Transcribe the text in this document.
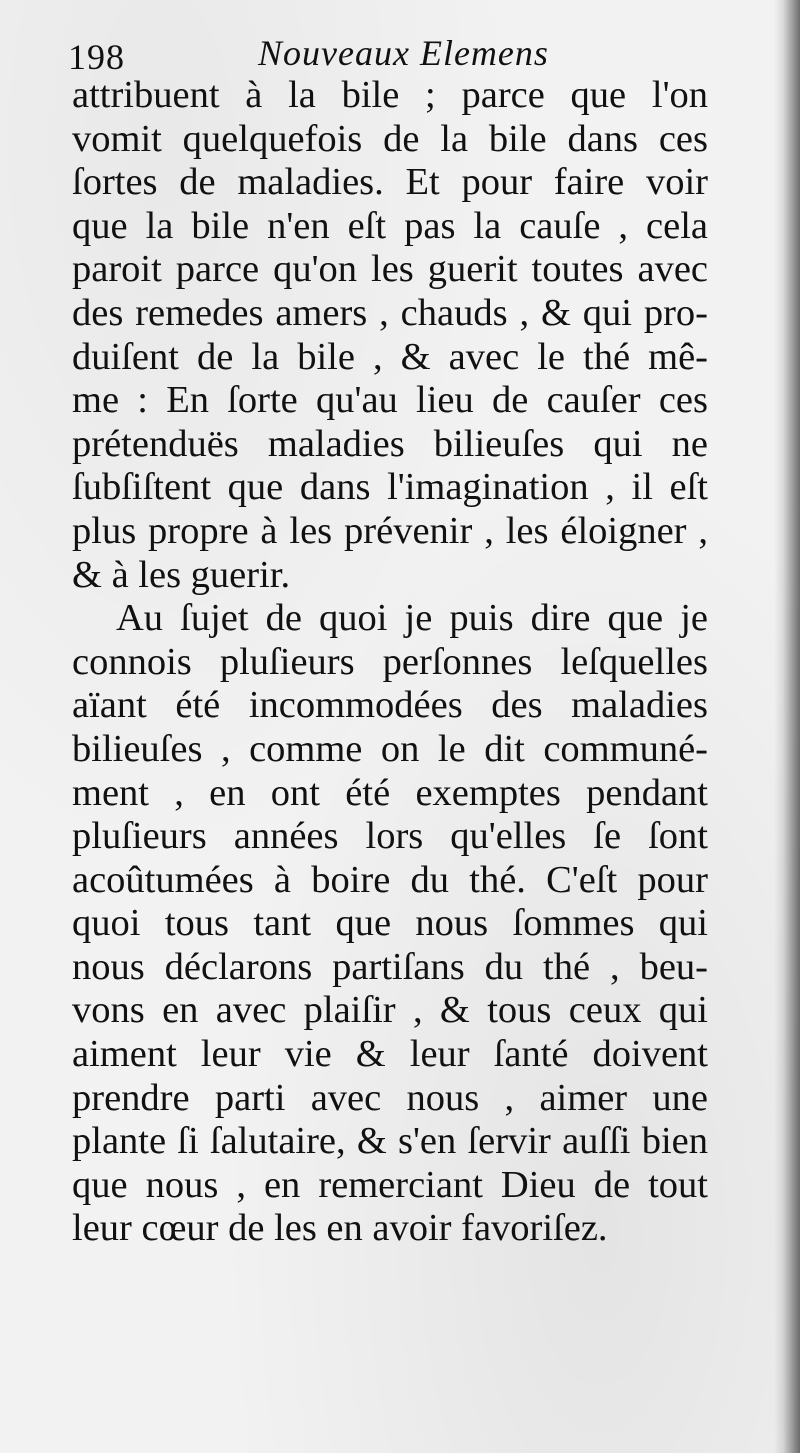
198	Nouveaux Elemens
attribuent à la bile ; parce que l'on
vomit quelquefois de la bile dans ces
ſortes de maladies. Et pour faire voir
que la bile n'en eſt pas la cauſe , cela
paroit parce qu'on les guerit toutes avec
des remedes amers , chauds , & qui pro-
duiſent de la bile , & avec le thé mê-
me : En ſorte qu'au lieu de cauſer ces
prétenduës maladies bilieuſes qui ne
ſubſiſtent que dans l'imagination , il eſt
plus propre à les prévenir , les éloigner ,
& à les guerir.
Au ſujet de quoi je puis dire que je
connois pluſieurs perſonnes leſquelles
aïant été incommodées des maladies
bilieuſes , comme on le dit communé-
ment , en ont été exemptes pendant
pluſieurs années lors qu'elles ſe ſont
acoûtumées à boire du thé. C'eſt pour
quoi tous tant que nous ſommes qui
nous déclarons partiſans du thé , beu-
vons en avec plaiſir , & tous ceux qui
aiment leur vie & leur ſanté doivent
prendre parti avec nous , aimer une
plante ſi ſalutaire, & s'en ſervir auſſi bien
que nous , en remerciant Dieu de tout
leur cœur de les en avoir favoriſez.
